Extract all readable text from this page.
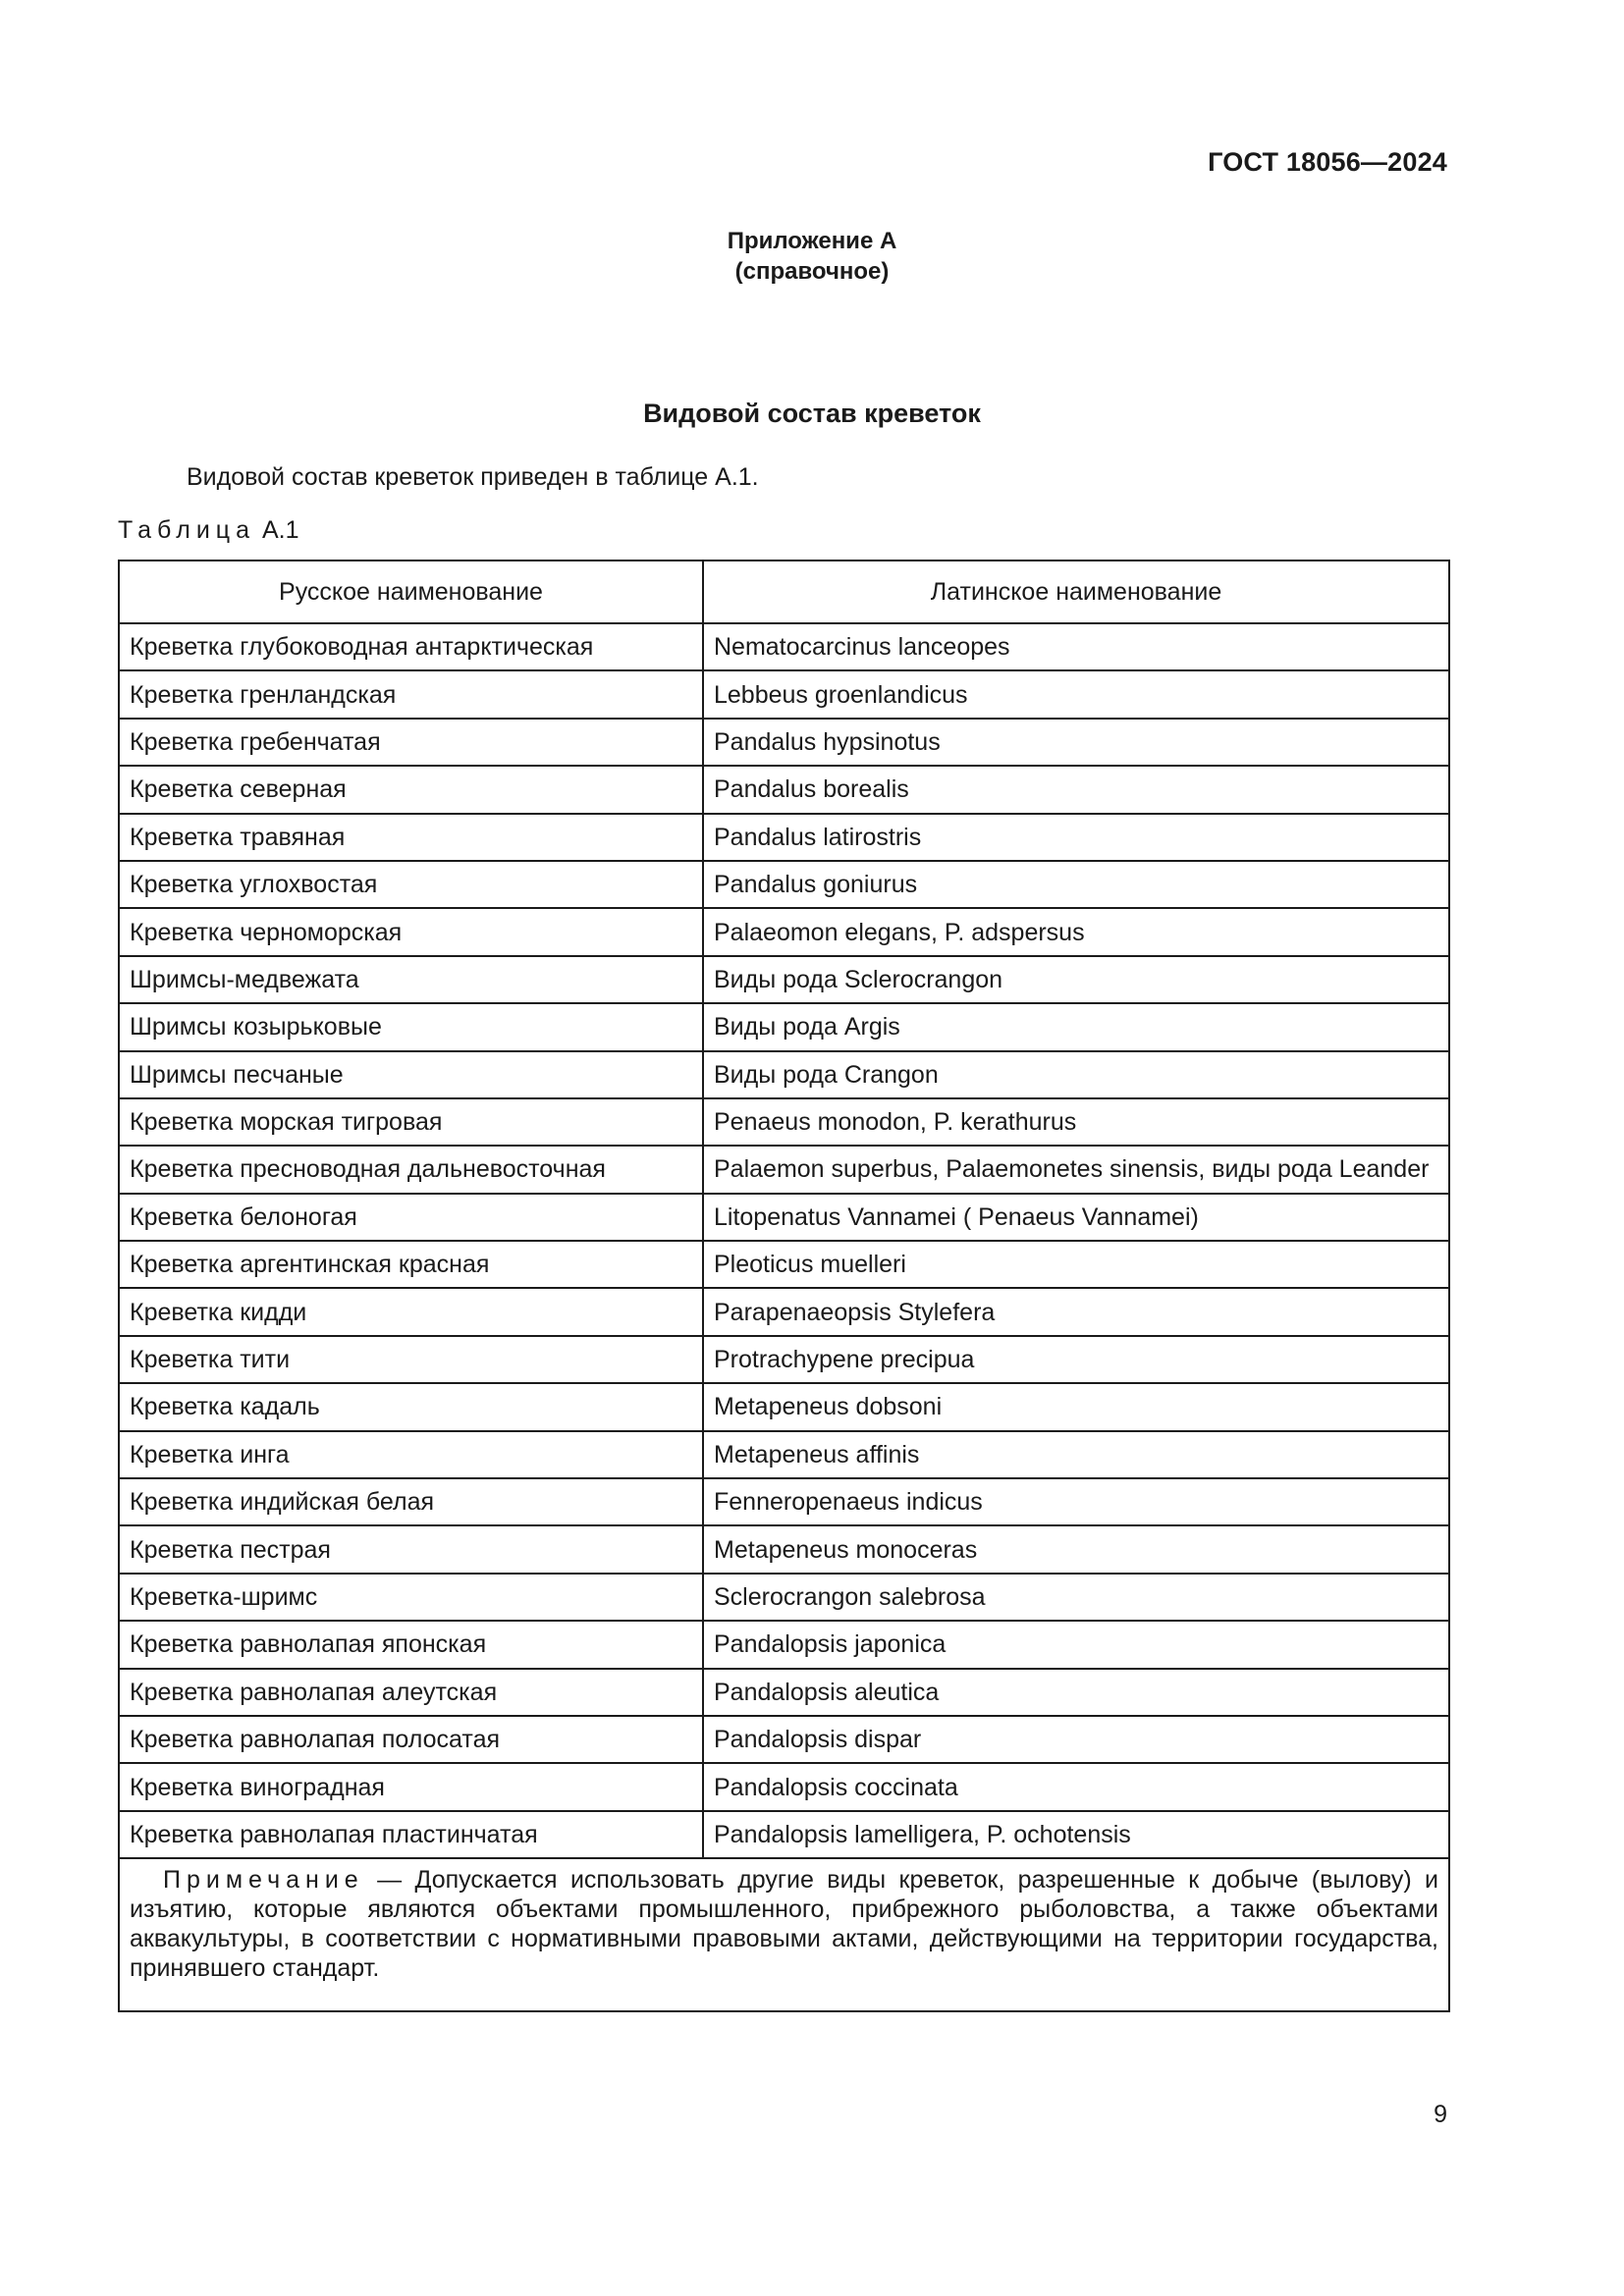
ГОСТ 18056—2024
Приложение А
(справочное)
Видовой состав креветок
Видовой состав креветок приведен в таблице А.1.
Таблица А.1
Русское наименование	Латинское наименование
Креветка глубоководная антарктическая	Nematocarcinus lanceopes
Креветка гренландская	Lebbeus groenlandicus
Креветка гребенчатая	Pandalus hypsinotus
Креветка северная	Pandalus borealis
Креветка травяная	Pandalus latirostris
Креветка углохвостая	Pandalus goniurus
Креветка черноморская	Palaeomon elegans, P. adspersus
Шримсы-медвежата	Виды рода Sclerocrangon
Шримсы козырьковые	Виды рода Argis
Шримсы песчаные	Виды рода Crangon
Креветка морская тигровая	Penaeus monodon, P. kerathurus
Креветка пресноводная дальневосточная	Palaemon superbus, Palaemonetes sinensis, виды рода Leander
Креветка белоногая	Litopenatus Vannamei ( Penaeus Vannamei)
Креветка аргентинская красная	Pleoticus muelleri
Креветка кидди	Parapenaeopsis Stylefera
Креветка тити	Protrachypene precipua
Креветка кадаль	Metapeneus dobsoni
Креветка инга	Metapeneus affinis
Креветка индийская белая	Fenneropenaeus indicus
Креветка пестрая	Metapeneus monoceras
Креветка-шримс	Sclerocrangon salebrosa
Креветка равнолапая японская	Pandalopsis japonica
Креветка равнолапая алеутская	Pandalopsis aleutica
Креветка равнолапая полосатая	Pandalopsis dispar
Креветка виноградная	Pandalopsis coccinata
Креветка равнолапая пластинчатая	Pandalopsis lamelligera, P. ochotensis
Примечание — Допускается использовать другие виды креветок, разрешенные к добыче (вылову) и изъятию, которые являются объектами промышленного, прибрежного рыболовства, а также объектами аквакультуры, в соответствии с нормативными правовыми актами, действующими на территории государства, принявшего стандарт.	
9
